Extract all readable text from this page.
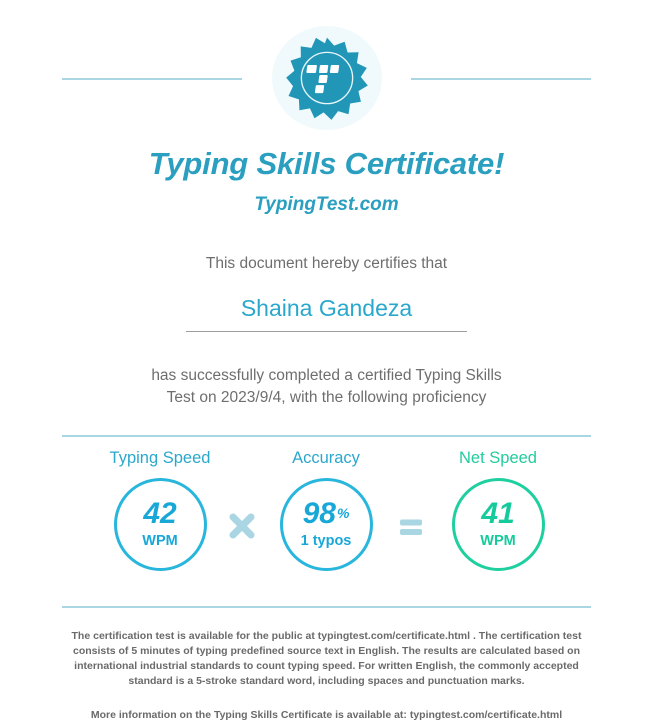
Typing Skills Certificate!
TypingTest.com
This document hereby certifies that
Shaina Gandeza
has successfully completed a certified Typing Skills
Test on 2023/9/4, with the following proficiency
Typing Speed
42
WPM
Accuracy
98 %
1 typos
Net Speed
41
WPM
The certification test is available for the public at typingtest.com/certificate.html . The certification test consists of 5 minutes of typing predefined source text in English. The results are calculated based on international industrial standards to count typing speed. For written English, the commonly accepted standard is a 5-stroke standard word, including spaces and punctuation marks.
More information on the Typing Skills Certificate is available at: typingtest.com/certificate.html
